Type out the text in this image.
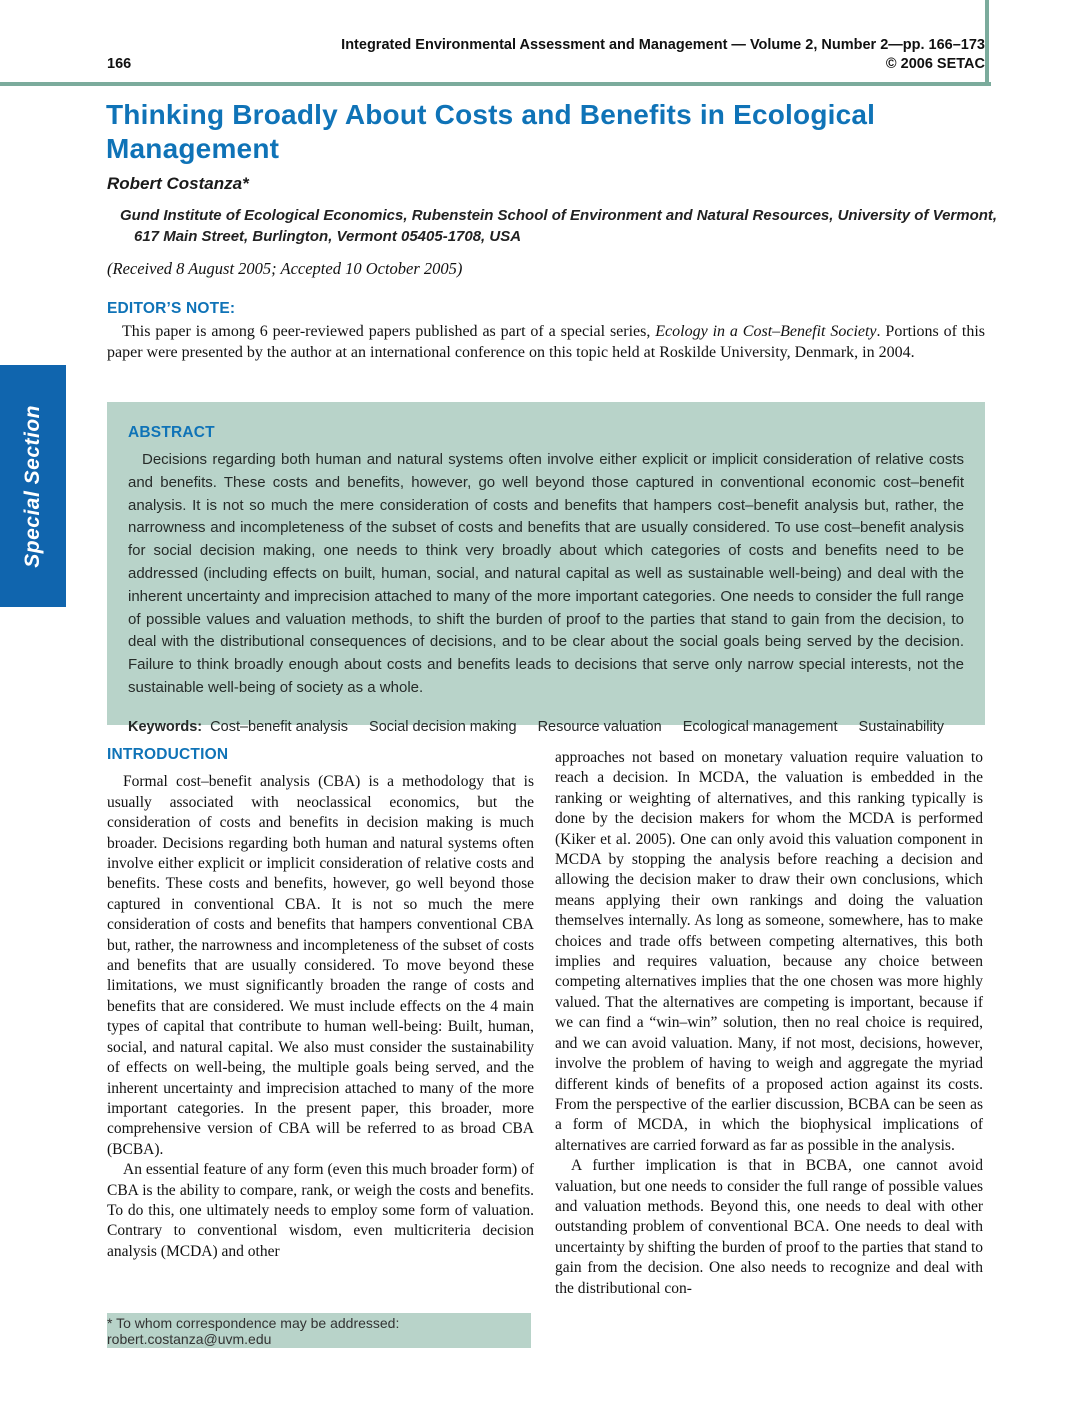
Integrated Environmental Assessment and Management — Volume 2, Number 2—pp. 166–173
166	© 2006 SETAC
Thinking Broadly About Costs and Benefits in Ecological Management
Robert Costanza*
Gund Institute of Ecological Economics, Rubenstein School of Environment and Natural Resources, University of Vermont, 617 Main Street, Burlington, Vermont 05405-1708, USA
(Received 8 August 2005; Accepted 10 October 2005)
EDITOR’S NOTE:

This paper is among 6 peer-reviewed papers published as part of a special series, Ecology in a Cost–Benefit Society. Portions of this paper were presented by the author at an international conference on this topic held at Roskilde University, Denmark, in 2004.

Special Section	ABSTRACT

Decisions regarding both human and natural systems often involve either explicit or implicit consideration of relative costs and benefits. These costs and benefits, however, go well beyond those captured in conventional economic cost–benefit analysis. It is not so much the mere consideration of costs and benefits that hampers cost–benefit analysis but, rather, the narrowness and incompleteness of the subset of costs and benefits that are usually considered. To use cost–benefit analysis for social decision making, one needs to think very broadly about which categories of costs and benefits need to be addressed (including effects on built, human, social, and natural capital as well as sustainable well-being) and deal with the inherent uncertainty and imprecision attached to many of the more important categories. One needs to consider the full range of possible values and valuation methods, to shift the burden of proof to the parties that stand to gain from the decision, to deal with the distributional consequences of decisions, and to be clear about the social goals being served by the decision. Failure to think broadly enough about costs and benefits leads to decisions that serve only narrow special interests, not the sustainable well-being of society as a whole.

Keywords: Cost–benefit analysis Social decision making Resource valuation Ecological management Sustainability

INTRODUCTION

Formal cost–benefit analysis (CBA) is a methodology that is usually associated with neoclassical economics, but the consideration of costs and benefits in decision making is much broader. Decisions regarding both human and natural systems often involve either explicit or implicit consideration of relative costs and benefits. These costs and benefits, however, go well beyond those captured in conventional CBA. It is not so much the mere consideration of costs and benefits that hampers conventional CBA but, rather, the narrowness and incompleteness of the subset of costs and benefits that are usually considered. To move beyond these limitations, we must significantly broaden the range of costs and benefits that are considered. We must include effects on the 4 main types of capital that contribute to human well-being: Built, human, social, and natural capital. We also must consider the sustainability of effects on well-being, the multiple goals being served, and the inherent uncertainty and imprecision attached to many of the more important categories. In the present paper, this broader, more comprehensive version of CBA will be referred to as broad CBA (BCBA).

An essential feature of any form (even this much broader form) of CBA is the ability to compare, rank, or weigh the costs and benefits. To do this, one ultimately needs to employ some form of valuation. Contrary to conventional wisdom, even multicriteria decision analysis (MCDA) and other

approaches not based on monetary valuation require valuation to reach a decision. In MCDA, the valuation is embedded in the ranking or weighting of alternatives, and this ranking typically is done by the decision makers for whom the MCDA is performed (Kiker et al. 2005). One can only avoid this valuation component in MCDA by stopping the analysis before reaching a decision and allowing the decision maker to draw their own conclusions, which means applying their own rankings and doing the valuation themselves internally. As long as someone, somewhere, has to make choices and trade offs between competing alternatives, this both implies and requires valuation, because any choice between competing alternatives implies that the one chosen was more highly valued. That the alternatives are competing is important, because if we can find a “win–win” solution, then no real choice is required, and we can avoid valuation. Many, if not most, decisions, however, involve the problem of having to weigh and aggregate the myriad different kinds of benefits of a proposed action against its costs. From the perspective of the earlier discussion, BCBA can be seen as a form of MCDA, in which the biophysical implications of alternatives are carried forward as far as possible in the analysis.

A further implication is that in BCBA, one cannot avoid valuation, but one needs to consider the full range of possible values and valuation methods. Beyond this, one needs to deal with other outstanding problem of conventional BCA. One needs to deal with uncertainty by shifting the burden of proof to the parties that stand to gain from the decision. One also needs to recognize and deal with the distributional con-

* To whom correspondence may be addressed: robert.costanza@uvm.edu
